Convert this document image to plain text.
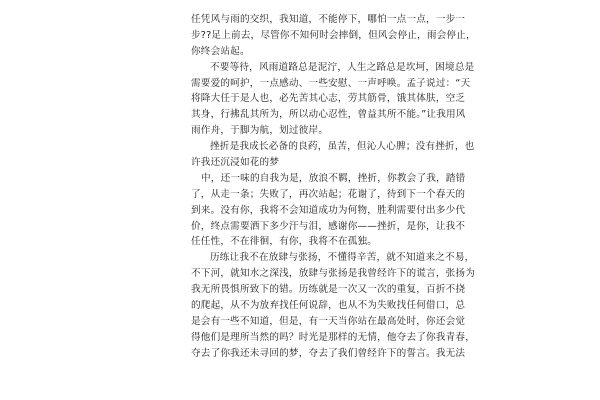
任凭风与雨的交织，我知道，不能停下，哪怕一点一点，一步一
步??足上前去，尽管你不知何时会摔倒，但风会停止，雨会停止，
你终会站起。
不要等待，风雨道路总是泥泞，人生之路总是坎坷，困境总是
需要爱的呵护，一点感动、一些安慰、一声呼唤。孟子说过：“天
将降大任于是人也，必先苦其心志，劳其筋骨，饿其体肤，空乏
其身，行拂乱其所为，所以动心忍性，曾益其所不能。”让我用风
雨作舟，于脚为航，划过彼岸。
挫折是我成长必备的良药，虽苦，但沁人心脾；没有挫折，也
许我还沉浸如花的梦
中，还一味的自我为是，放浪不羁，挫折，你教会了我，踏错
了，从走一条；失败了，再次站起；花谢了，待到下一个春天的
到来。没有你，我将不会知道成功为何物，胜利需要付出多少代
价，终点需要洒下多少汗与泪，感谢你——挫折，是你，让我不
任任性，不在徘徊，有你，我将不在孤独。
历练让我不在放肆与张扬，不懂得辛苦，就不知道来之不易，
不下河，就知水之深浅，放肆与张扬是我曾经许下的谎言，张扬为
我无所畏惧所致下的错。历练就是一次又一次的重复，百折不挠
的爬起，从不为放弃找任何说辞，也从不为失败找任何借口，总
是会有一些不知道，但是，有一天当你站在最高处时，你还会觉
得他们是理所当然的吗？时光是那样的无情，他夺去了你我青春，
夺去了你我还未寻回的梦，夺去了我们曾经许下的誓言。我无法
